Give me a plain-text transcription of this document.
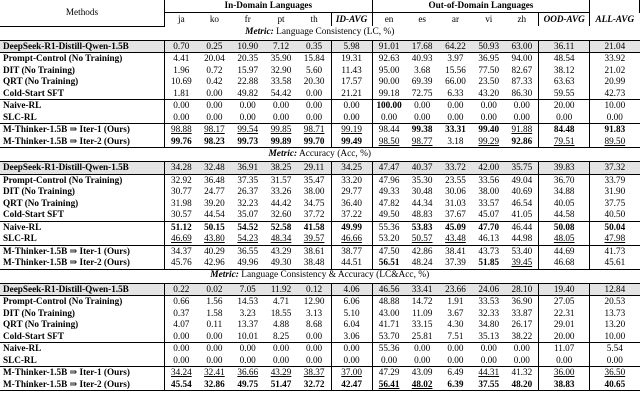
Methods	In-Domain Languages						Out-of-Domain Languages						
	ja	ko	fr	pt	th	ID-AVG	en	es	ar	vi	zh	OOD-AVG	ALL-AVG
Metric: Language Consistency (LC, %)													
DeepSeek-R1-Distill-Qwen-1.5B	0.70	0.25	10.90	7.12	0.35	5.98	91.01	17.68	64.22	50.93	63.00	36.11	21.04
Prompt-Control (No Training)	4.41	20.04	20.35	35.90	15.84	19.31	92.63	40.93	3.97	36.95	94.00	48.54	33.92
DIT (No Training)	1.96	0.72	15.97	32.90	5.60	11.43	95.00	3.68	15.56	77.50	82.67	38.12	21.02
QRT (No Training)	10.69	0.42	22.88	33.58	20.30	17.57	90.00	69.39	66.00	23.50	87.33	63.63	20.99
Cold-Start SFT	1.81	0.00	49.82	54.42	0.00	21.21	99.18	72.75	6.33	43.20	86.30	59.55	42.73
Naive-RL	0.00	0.00	0.00	0.00	0.00	0.00	100.00	0.00	0.00	0.00	0.00	20.00	10.00
SLC-RL	0.00	0.00	0.00	0.00	0.00	0.00	0.00	0.00	0.00	0.00	0.00	0.00	0.00
M-Thinker-1.5B ⇒ Iter-1 (Ours)	98.88	98.17	99.54	99.85	98.71	99.19	98.44	99.38	33.31	99.40	91.88	84.48	91.83
M-Thinker-1.5B ⇒ Iter-2 (Ours)	99.76	98.23	99.73	99.89	99.70	99.49	98.50	98.77	3.18	99.29	92.86	79.51	89.50
Metric: Accuracy (Acc, %)													
DeepSeek-R1-Distill-Qwen-1.5B	34.28	32.48	36.91	38.25	29.11	34.25	47.47	40.37	33.72	42.00	35.75	39.83	37.32
Prompt-Control (No Training)	32.92	36.48	37.35	31.57	35.47	33.20	47.96	35.30	23.55	33.56	49.04	36.70	33.79
DIT (No Training)	30.77	24.77	26.37	33.26	38.00	29.77	49.33	30.48	30.06	38.00	40.69	34.88	31.90
QRT (No Training)	31.98	39.20	32.23	44.42	34.75	36.40	47.82	44.34	31.03	33.57	46.54	40.05	37.75
Cold-Start SFT	30.57	44.54	35.07	32.60	37.72	37.22	49.50	48.83	37.67	45.07	41.05	44.58	40.50
Naive-RL	51.12	50.15	54.52	52.58	41.58	49.99	55.36	53.83	45.09	47.70	46.44	50.08	50.04
SLC-RL	46.69	43.80	54.23	48.34	39.57	46.66	53.20	50.57	43.48	46.13	44.98	48.05	47.98
M-Thinker-1.5B ⇒ Iter-1 (Ours)	34.37	40.29	36.55	43.29	38.61	38.77	47.50	42.86	38.41	43.73	53.40	44.69	41.73
M-Thinker-1.5B ⇒ Iter-2 (Ours)	45.76	42.96	49.96	49.30	38.48	44.51	56.51	48.24	37.39	51.85	39.45	46.68	45.61
Metric: Language Consistency & Accuracy (LC&Acc, %)													
DeepSeek-R1-Distill-Qwen-1.5B	0.22	0.02	7.05	11.92	0.12	4.06	46.56	33.41	23.66	24.06	28.10	19.40	12.84
Prompt-Control (No Training)	0.66	1.56	14.53	4.71	12.90	6.06	48.88	14.72	1.91	33.53	36.90	27.05	20.53
DIT (No Training)	0.37	1.58	3.23	18.55	3.13	5.10	43.00	11.09	3.67	32.33	33.87	22.31	13.73
QRT (No Training)	4.07	0.11	13.37	4.88	8.68	6.04	41.71	33.15	4.30	34.80	26.17	29.01	13.20
Cold-Start SFT	0.00	0.00	10.01	8.25	0.00	3.06	53.70	25.81	7.51	35.13	38.22	20.00	10.00
Naive-RL	0.00	0.00	0.00	0.00	0.00	0.00	55.36	0.00	0.00	0.00	0.00	11.07	5.54
SLC-RL	0.00	0.00	0.00	0.00	0.00	0.00	0.00	0.00	0.00	0.00	0.00	0.00	0.00
M-Thinker-1.5B ⇒ Iter-1 (Ours)	34.24	32.41	36.66	43.29	38.37	37.00	47.29	43.09	6.49	44.31	41.32	36.00	36.50
M-Thinker-1.5B ⇒ Iter-2 (Ours)	45.54	32.86	49.75	51.47	32.72	42.47	56.41	48.02	6.39	37.55	48.20	38.83	40.65
